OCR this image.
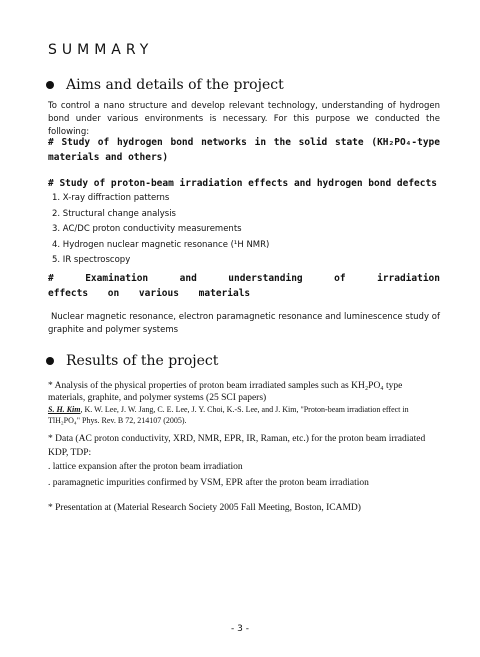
SUMMARY
Aims and details of the project
To control a nano structure and develop relevant technology, understanding of hydrogen bond under various environments is necessary. For this purpose we conducted the following:
# Study of hydrogen bond networks in the solid state (KH₂PO₄-type materials and others)
# Study of proton-beam irradiation effects and hydrogen bond defects
1. X-ray diffraction patterns
2. Structural change analysis
3. AC/DC proton conductivity measurements
4. Hydrogen nuclear magnetic resonance (¹H NMR)
5. IR spectroscopy
# Examination and understanding of irradiation effects on various materials
Nuclear magnetic resonance, electron paramagnetic resonance and luminescence study of graphite and polymer systems
Results of the project
* Analysis of the physical properties of proton beam irradiated samples such as KH₂PO₄ type materials, graphite, and polymer systems (25 SCI papers)
S. H. Kim, K. W. Lee, J. W. Jang, C. E. Lee, J. Y. Choi, K.-S. Lee, and J. Kim, "Proton-beam irradiation effect in TlH₂PO₄" Phys. Rev. B 72, 214107 (2005).
* Data (AC proton conductivity, XRD, NMR, EPR, IR, Raman, etc.) for the proton beam irradiated KDP, TDP:
. lattice expansion after the proton beam irradiation
. paramagnetic impurities confirmed by VSM, EPR after the proton beam irradiation
* Presentation at (Material Research Society 2005 Fall Meeting, Boston, ICAMD)
- 3 -
